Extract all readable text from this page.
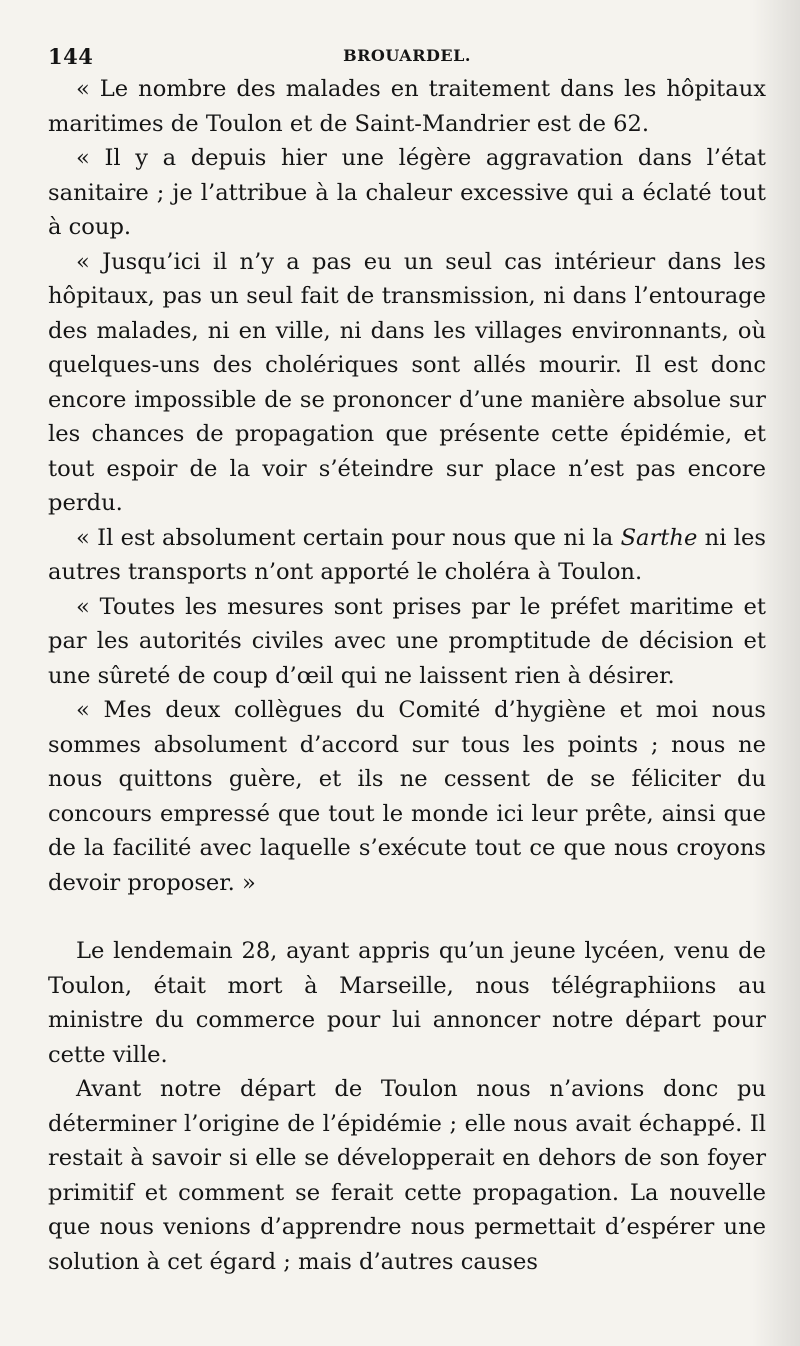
144	BROUARDEL.

« Le nombre des malades en traitement dans les hôpitaux maritimes de Toulon et de Saint-Mandrier est de 62.

« Il y a depuis hier une légère aggravation dans l’état sanitaire ; je l’attribue à la chaleur excessive qui a éclaté tout à coup.

« Jusqu’ici il n’y a pas eu un seul cas intérieur dans les hôpitaux, pas un seul fait de transmission, ni dans l’entourage des malades, ni en ville, ni dans les villages environnants, où quelques-uns des cholériques sont allés mourir. Il est donc encore impossible de se prononcer d’une manière absolue sur les chances de propagation que présente cette épidémie, et tout espoir de la voir s’éteindre sur place n’est pas encore perdu.

« Il est absolument certain pour nous que ni la Sarthe ni les autres transports n’ont apporté le choléra à Toulon.

« Toutes les mesures sont prises par le préfet maritime et par les autorités civiles avec une promptitude de décision et une sûreté de coup d’œil qui ne laissent rien à désirer.

« Mes deux collègues du Comité d’hygiène et moi nous sommes absolument d’accord sur tous les points ; nous ne nous quittons guère, et ils ne cessent de se féliciter du concours empressé que tout le monde ici leur prête, ainsi que de la facilité avec laquelle s’exécute tout ce que nous croyons devoir proposer. »

Le lendemain 28, ayant appris qu’un jeune lycéen, venu de Toulon, était mort à Marseille, nous télégraphiions au ministre du commerce pour lui annoncer notre départ pour cette ville.

Avant notre départ de Toulon nous n’avions donc pu déterminer l’origine de l’épidémie ; elle nous avait échappé. Il restait à savoir si elle se développerait en dehors de son foyer primitif et comment se ferait cette propagation. La nouvelle que nous venions d’apprendre nous permettait d’espérer une solution à cet égard ; mais d’autres causes
